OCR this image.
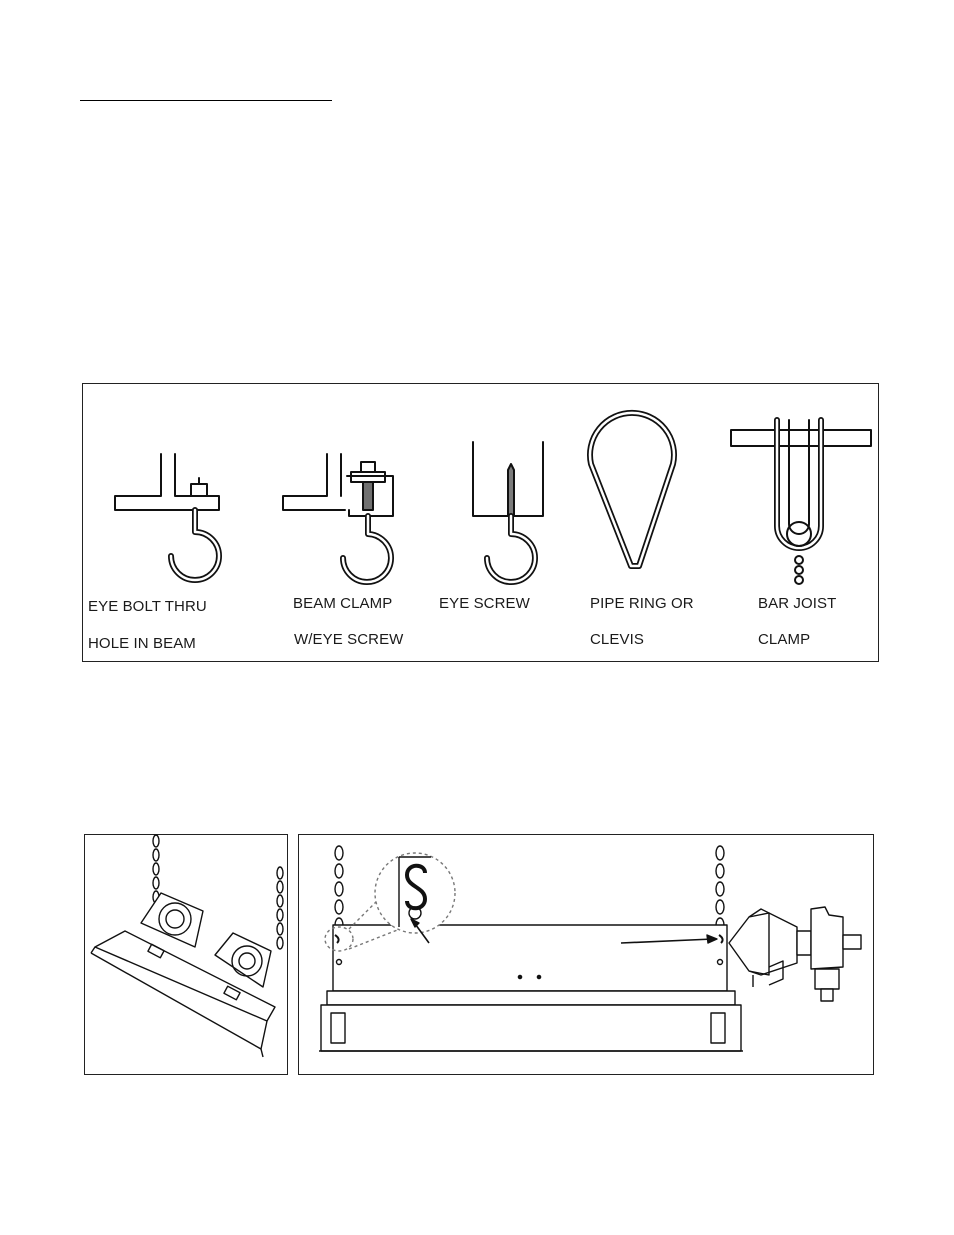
EYE BOLT THRU
HOLE IN BEAM
BEAM CLAMP
W/EYE SCREW
EYE SCREW	PIPE RING OR
CLEVIS
BAR JOIST
CLAMP
